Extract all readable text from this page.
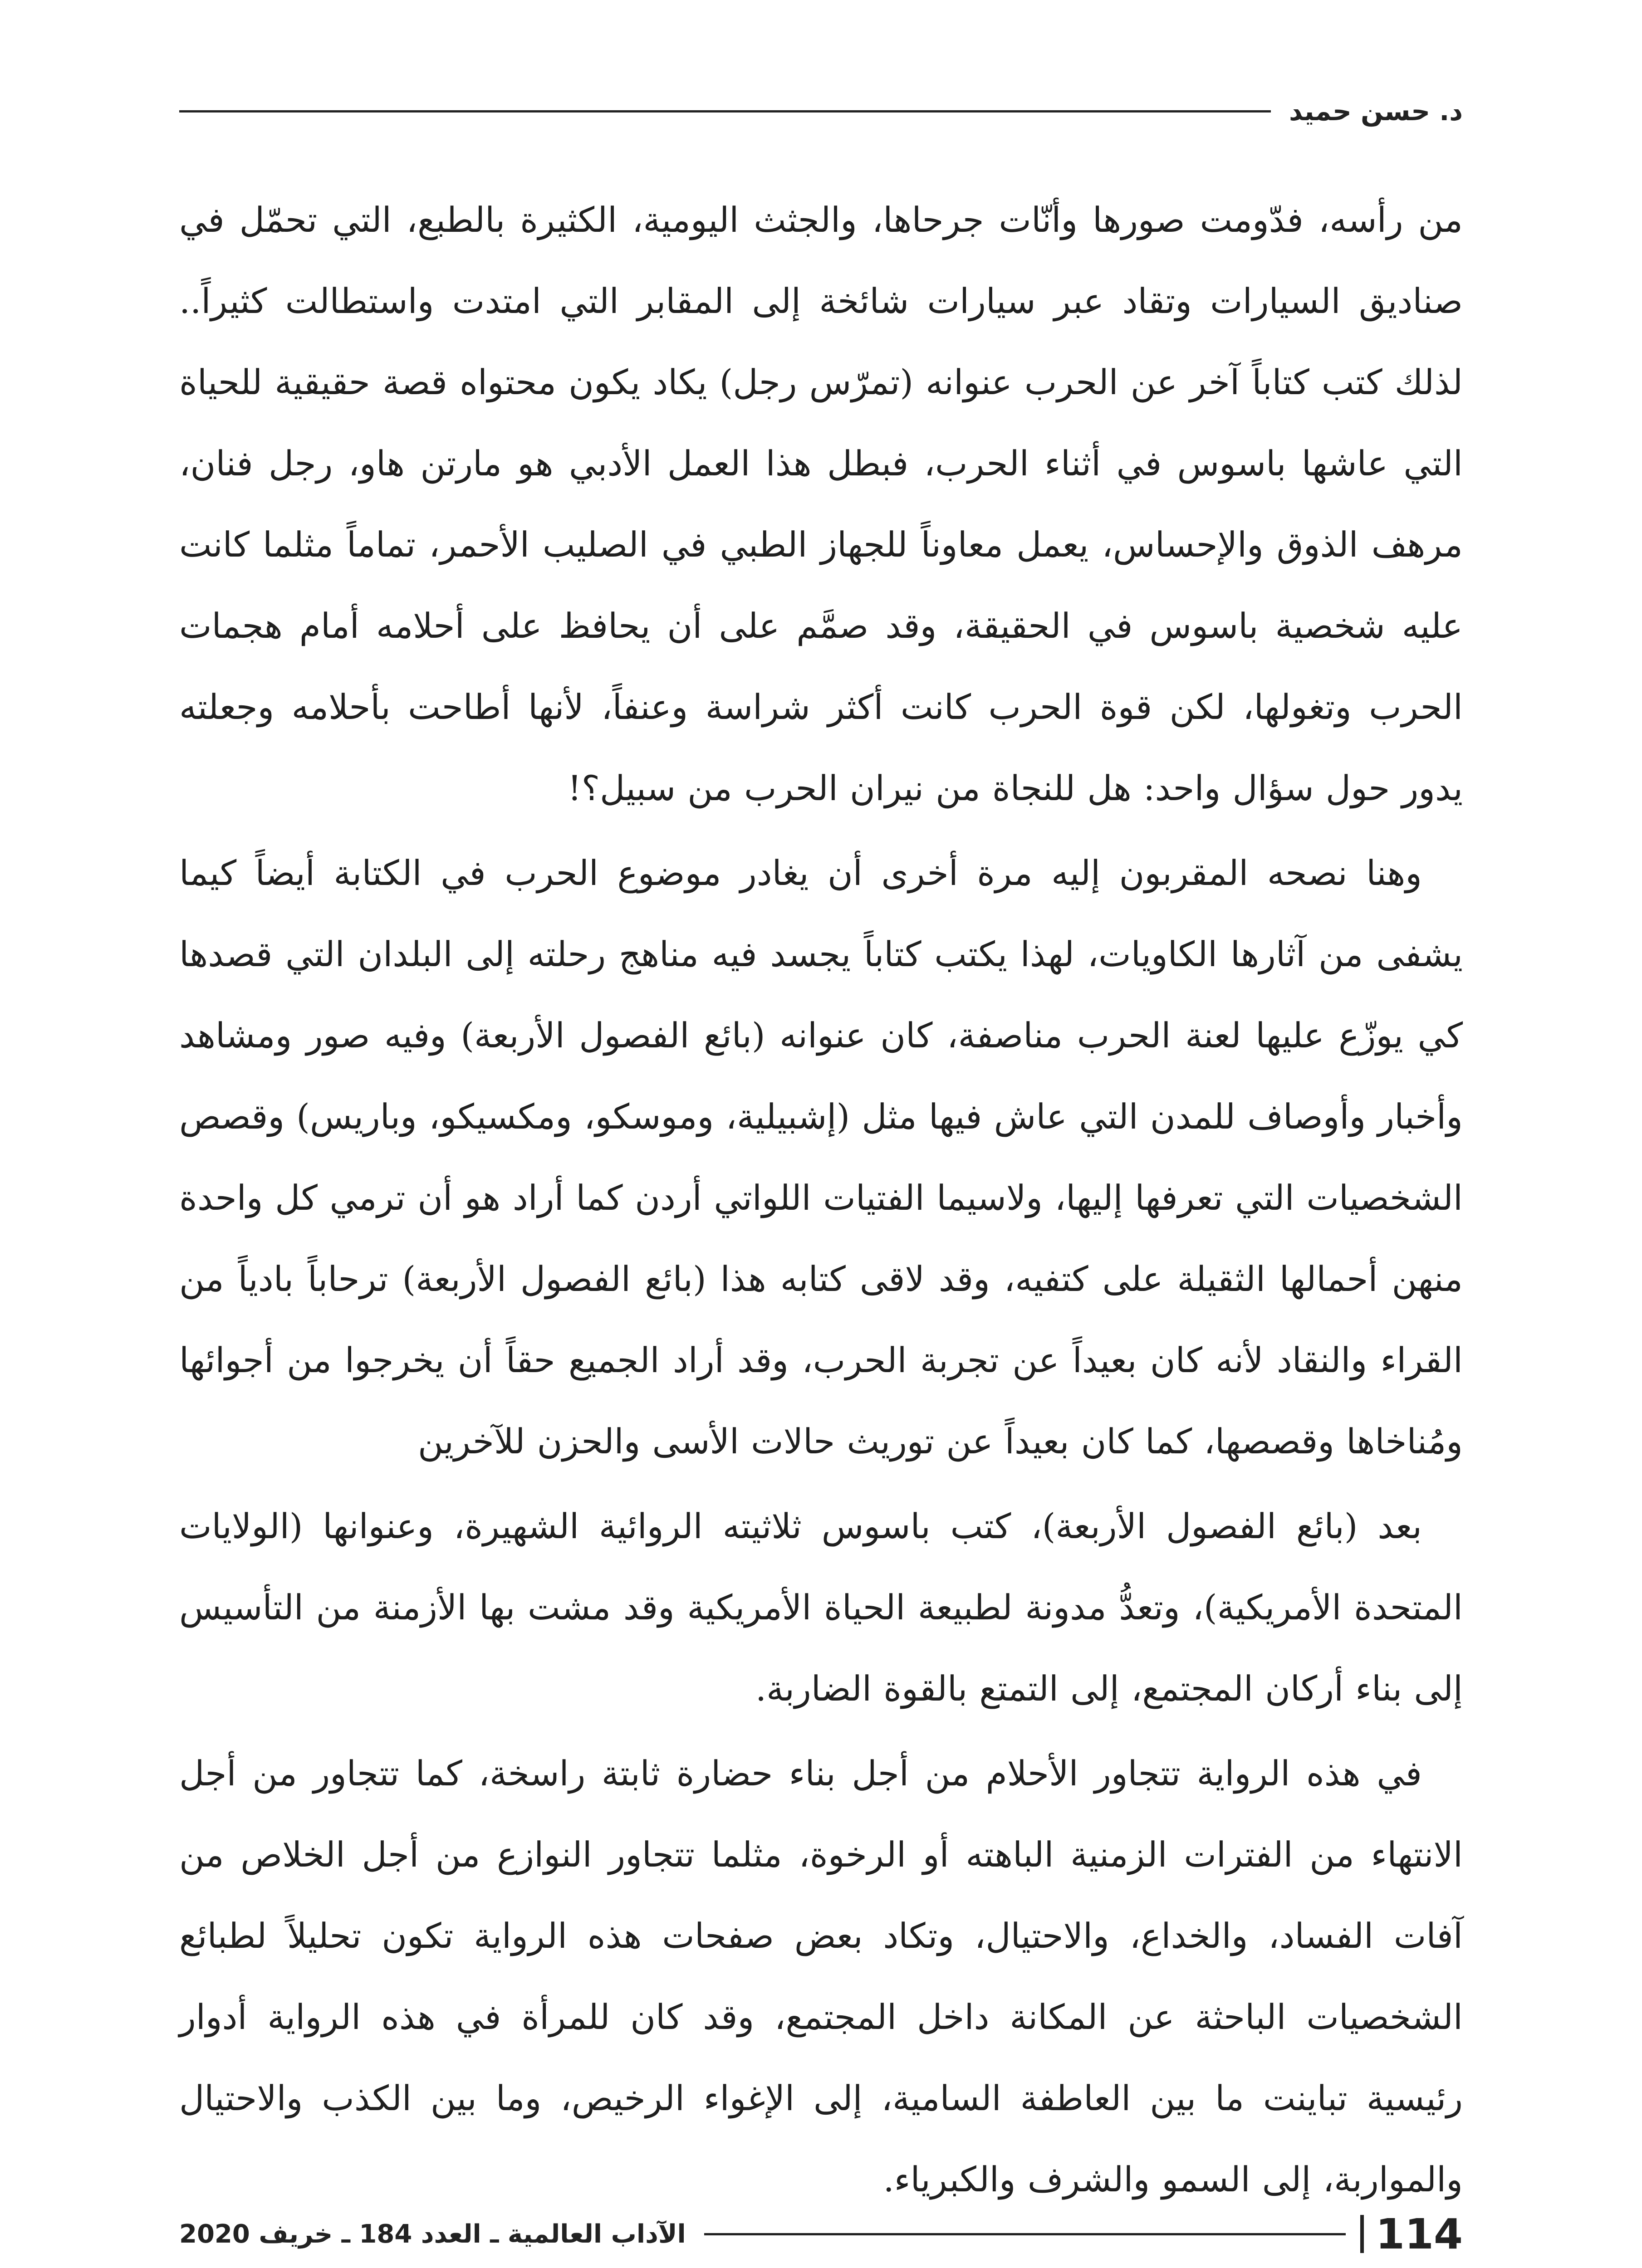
د. حسن حميد

من رأسه، فدّومت صورها وأنّات جرحاها، والجثث اليومية، الكثيرة بالطبع، التي تحمّل في صناديق السيارات وتقاد عبر سيارات شائخة إلى المقابر التي امتدت واستطالت كثيراً.. لذلك كتب كتاباً آخر عن الحرب عنوانه (تمرّس رجل) يكاد يكون محتواه قصة حقيقية للحياة التي عاشها باسوس في أثناء الحرب، فبطل هذا العمل الأدبي هو مارتن هاو، رجل فنان، مرهف الذوق والإحساس، يعمل معاوناً للجهاز الطبي في الصليب الأحمر، تماماً مثلما كانت عليه شخصية باسوس في الحقيقة، وقد صمَّم على أن يحافظ على أحلامه أمام هجمات الحرب وتغولها، لكن قوة الحرب كانت أكثر شراسة وعنفاً، لأنها أطاحت بأحلامه وجعلته يدور حول سؤال واحد: هل للنجاة من نيران الحرب من سبيل؟!

وهنا نصحه المقربون إليه مرة أخرى أن يغادر موضوع الحرب في الكتابة أيضاً كيما يشفى من آثارها الكاويات، لهذا يكتب كتاباً يجسد فيه مناهج رحلته إلى البلدان التي قصدها كي يوزّع عليها لعنة الحرب مناصفة، كان عنوانه (بائع الفصول الأربعة) وفيه صور ومشاهد وأخبار وأوصاف للمدن التي عاش فيها مثل (إشبيلية، وموسكو، ومكسيكو، وباريس) وقصص الشخصيات التي تعرفها إليها، ولاسيما الفتيات اللواتي أردن كما أراد هو أن ترمي كل واحدة منهن أحمالها الثقيلة على كتفيه، وقد لاقى كتابه هذا (بائع الفصول الأربعة) ترحاباً بادياً من القراء والنقاد لأنه كان بعيداً عن تجربة الحرب، وقد أراد الجميع حقاً أن يخرجوا من أجوائها ومُناخاها وقصصها، كما كان بعيداً عن توريث حالات الأسى والحزن للآخرين

بعد (بائع الفصول الأربعة)، كتب باسوس ثلاثيته الروائية الشهيرة، وعنوانها (الولايات المتحدة الأمريكية)، وتعدُّ مدونة لطبيعة الحياة الأمريكية وقد مشت بها الأزمنة من التأسيس إلى بناء أركان المجتمع، إلى التمتع بالقوة الضاربة.

في هذه الرواية تتجاور الأحلام من أجل بناء حضارة ثابتة راسخة، كما تتجاور من أجل الانتهاء من الفترات الزمنية الباهته أو الرخوة، مثلما تتجاور النوازع من أجل الخلاص من آفات الفساد، والخداع، والاحتيال، وتكاد بعض صفحات هذه الرواية تكون تحليلاً لطبائع الشخصيات الباحثة عن المكانة داخل المجتمع، وقد كان للمرأة في هذه الرواية أدوار رئيسية تباينت ما بين العاطفة السامية، إلى الإغواء الرخيص، وما بين الكذب والاحتيال والمواربة، إلى السمو والشرف والكبرياء.

114
الآداب العالمية ـ العدد 184 ـ خريف 2020
